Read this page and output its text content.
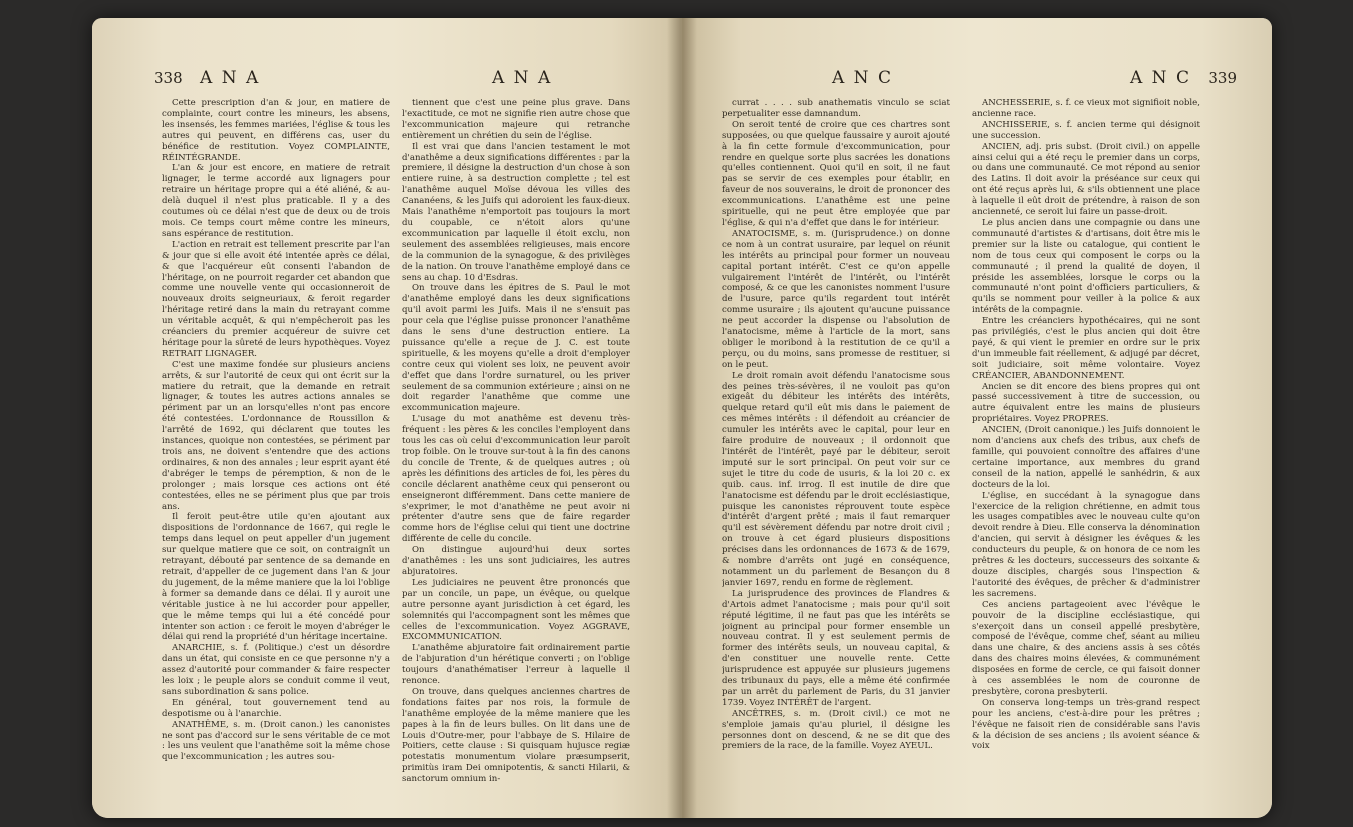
338 A N A	A N A

Cette prescription d'an & jour, en matiere de complainte, court contre les mineurs, les absens, les insensés, les femmes mariées, l'église & tous les autres qui peuvent, en différens cas, user du bénéfice de restitution. Voyez COMPLAINTE, RÉINTÉGRANDE.

L'an & jour est encore, en matiere de retrait lignager, le terme accordé aux lignagers pour retraire un héritage propre qui a été aliéné, & au-delà duquel il n'est plus praticable. Il y a des coutumes où ce délai n'est que de deux ou de trois mois. Ce temps court même contre les mineurs, sans espérance de restitution.

L'action en retrait est tellement prescrite par l'an & jour que si elle avoit été intentée après ce délai, & que l'acquéreur eût consenti l'abandon de l'héritage, on ne pourroit regarder cet abandon que comme une nouvelle vente qui occasionneroit de nouveaux droits seigneuriaux, & feroit regarder l'héritage retiré dans la main du retrayant comme un véritable acquêt, & qui n'empêcheroit pas les créanciers du premier acquéreur de suivre cet héritage pour la sûreté de leurs hypothèques. Voyez RETRAIT LIGNAGER.

C'est une maxime fondée sur plusieurs anciens arrêts, & sur l'autorité de ceux qui ont écrit sur la matiere du retrait, que la demande en retrait lignager, & toutes les autres actions annales se périment par un an lorsqu'elles n'ont pas encore été contestées. L'ordonnance de Roussillon & l'arrêté de 1692, qui déclarent que toutes les instances, quoique non contestées, se périment par trois ans, ne doivent s'entendre que des actions ordinaires, & non des annales ; leur esprit ayant été d'abréger le temps de péremption, & non de le prolonger ; mais lorsque ces actions ont été contestées, elles ne se périment plus que par trois ans.

Il feroit peut-être utile qu'en ajoutant aux dispositions de l'ordonnance de 1667, qui regle le temps dans lequel on peut appeller d'un jugement sur quelque matiere que ce soit, on contraignît un retrayant, débouté par sentence de sa demande en retrait, d'appeller de ce jugement dans l'an & jour du jugement, de la même maniere que la loi l'oblige à former sa demande dans ce délai. Il y auroit une véritable justice à ne lui accorder pour appeller, que le même temps qui lui a été concédé pour intenter son action : ce feroit le moyen d'abréger le délai qui rend la propriété d'un héritage incertaine.

ANARCHIE, s. f. (Politique.) c'est un désordre dans un état, qui consiste en ce que personne n'y a assez d'autorité pour commander & faire respecter les loix ; le peuple alors se conduit comme il veut, sans subordination & sans police.

En général, tout gouvernement tend au despotisme ou à l'anarchie.

ANATHÊME, s. m. (Droit canon.) les canonistes ne sont pas d'accord sur le sens véritable de ce mot : les uns veulent que l'anathême soit la même chose que l'excommunication ; les autres sou-

tiennent que c'est une peine plus grave. Dans l'exactitude, ce mot ne signifie rien autre chose que l'excommunication majeure qui retranche entièrement un chrétien du sein de l'église.

Il est vrai que dans l'ancien testament le mot d'anathême a deux significations différentes : par la premiere, il désigne la destruction d'un chose à son entiere ruine, à sa destruction complette ; tel est l'anathême auquel Moïse dévoua les villes des Cananéens, & les Juifs qui adoroient les faux-dieux. Mais l'anathême n'emportoit pas toujours la mort du coupable, ce n'étoit alors qu'une excommunication par laquelle il étoit exclu, non seulement des assemblées religieuses, mais encore de la communion de la synagogue, & des privilèges de la nation. On trouve l'anathême employé dans ce sens au chap. 10 d'Esdras.

On trouve dans les épitres de S. Paul le mot d'anathême employé dans les deux significations qu'il avoit parmi les Juifs. Mais il ne s'ensuit pas pour cela que l'église puisse prononcer l'anathême dans le sens d'une destruction entiere. La puissance qu'elle a reçue de J. C. est toute spirituelle, & les moyens qu'elle a droit d'employer contre ceux qui violent ses loix, ne peuvent avoir d'effet que dans l'ordre surnaturel, ou les priver seulement de sa communion extérieure ; ainsi on ne doit regarder l'anathême que comme une excommunication majeure.

L'usage du mot anathême est devenu très-fréquent : les pères & les conciles l'employent dans tous les cas où celui d'excommunication leur paroît trop foible. On le trouve sur-tout à la fin des canons du concile de Trente, & de quelques autres ; où après les définitions des articles de foi, les pères du concile déclarent anathême ceux qui penseront ou enseigneront différemment. Dans cette maniere de s'exprimer, le mot d'anathême ne peut avoir ni prétenter d'autre sens que de faire regarder comme hors de l'église celui qui tient une doctrine différente de celle du concile.

On distingue aujourd'hui deux sortes d'anathêmes : les uns sont judiciaires, les autres abjuratoires.

Les judiciaires ne peuvent être prononcés que par un concile, un pape, un évêque, ou quelque autre personne ayant jurisdiction à cet égard, les solemnités qui l'accompagnent sont les mêmes que celles de l'excommunication. Voyez AGGRAVE, EXCOMMUNICATION.

L'anathême abjuratoire fait ordinairement partie de l'abjuration d'un hérétique converti ; on l'oblige toujours d'anathématiser l'erreur à laquelle il renonce.

On trouve, dans quelques anciennes chartres de fondations faites par nos rois, la formule de l'anathême employée de la même maniere que les papes à la fin de leurs bulles. On lit dans une de Louis d'Outre-mer, pour l'abbaye de S. Hilaire de Poitiers, cette clause : Si quisquam hujusce regiæ potestatis monumentum violare præsumpserit, primitùs iram Dei omnipotentis, & sancti Hilarii, & sanctorum omnium in-

A N C	A N C 339

currat . . . . sub anathematis vinculo se sciat perpetualiter esse damnandum.

On seroit tenté de croire que ces chartres sont supposées, ou que quelque faussaire y auroit ajouté à la fin cette formule d'excommunication, pour rendre en quelque sorte plus sacrées les donations qu'elles contiennent. Quoi qu'il en soit, il ne faut pas se servir de ces exemples pour établir, en faveur de nos souverains, le droit de prononcer des excommunications. L'anathême est une peine spirituelle, qui ne peut être employée que par l'église, & qui n'a d'effet que dans le for intérieur.

ANATOCISME, s. m. (Jurisprudence.) on donne ce nom à un contrat usuraire, par lequel on réunit les intérêts au principal pour former un nouveau capital portant intérêt. C'est ce qu'on appelle vulgairement l'intérêt de l'intérêt, ou l'intérêt composé, & ce que les canonistes nomment l'usure de l'usure, parce qu'ils regardent tout intérêt comme usuraire ; ils ajoutent qu'aucune puissance ne peut accorder la dispense ou l'absolution de l'anatocisme, même à l'article de la mort, sans obliger le moribond à la restitution de ce qu'il a perçu, ou du moins, sans promesse de restituer, si on le peut.

Le droit romain avoit défendu l'anatocisme sous des peines très-sévères, il ne vouloit pas qu'on exigeât du débiteur les intérêts des intérêts, quelque retard qu'il eût mis dans le paiement de ces mêmes intérêts : il défendoit au créancier de cumuler les intérêts avec le capital, pour leur en faire produire de nouveaux ; il ordonnoit que l'intérêt de l'intérêt, payé par le débiteur, seroit imputé sur le sort principal. On peut voir sur ce sujet le titre du code de usuris, & la loi 20 c. ex quib. caus. inf. irrog. Il est inutile de dire que l'anatocisme est défendu par le droit ecclésiastique, puisque les canonistes réprouvent toute espèce d'intérêt d'argent prêté ; mais il faut remarquer qu'il est sévèrement défendu par notre droit civil ; on trouve à cet égard plusieurs dispositions précises dans les ordonnances de 1673 & de 1679, & nombre d'arrêts ont jugé en conséquence, notamment un du parlement de Besançon du 8 janvier 1697, rendu en forme de règlement.

La jurisprudence des provinces de Flandres & d'Artois admet l'anatocisme ; mais pour qu'il soit réputé légitime, il ne faut pas que les intérêts se joignent au principal pour former ensemble un nouveau contrat. Il y est seulement permis de former des intérêts seuls, un nouveau capital, & d'en constituer une nouvelle rente. Cette jurisprudence est appuyée sur plusieurs jugemens des tribunaux du pays, elle a même été confirmée par un arrêt du parlement de Paris, du 31 janvier 1739. Voyez INTÉRÊT de l'argent.

ANCÊTRES, s. m. (Droit civil.) ce mot ne s'emploie jamais qu'au pluriel, il désigne les personnes dont on descend, & ne se dit que des premiers de la race, de la famille. Voyez AYEUL.

ANCHESSERIE, s. f. ce vieux mot signifioit noble, ancienne race.

ANCHISSERIE, s. f. ancien terme qui désignoit une succession.

ANCIEN, adj. pris subst. (Droit civil.) on appelle ainsi celui qui a été reçu le premier dans un corps, ou dans une communauté. Ce mot répond au senior des Latins. Il doit avoir la préséance sur ceux qui ont été reçus après lui, & s'ils obtiennent une place à laquelle il eût droit de prétendre, à raison de son ancienneté, ce seroit lui faire un passe-droit.

Le plus ancien dans une compagnie ou dans une communauté d'artistes & d'artisans, doit être mis le premier sur la liste ou catalogue, qui contient le nom de tous ceux qui composent le corps ou la communauté ; il prend la qualité de doyen, il préside les assemblées, lorsque le corps ou la communauté n'ont point d'officiers particuliers, & qu'ils se nomment pour veiller à la police & aux intérêts de la compagnie.

Entre les créanciers hypothécaires, qui ne sont pas privilégiés, c'est le plus ancien qui doit être payé, & qui vient le premier en ordre sur le prix d'un immeuble fait réellement, & adjugé par décret, soit judiciaire, soit même volontaire. Voyez CRÉANCIER, ABANDONNEMENT.

Ancien se dit encore des biens propres qui ont passé successivement à titre de succession, ou autre équivalent entre les mains de plusieurs propriétaires. Voyez PROPRES.

ANCIEN, (Droit canonique.) les Juifs donnoient le nom d'anciens aux chefs des tribus, aux chefs de famille, qui pouvoient connoître des affaires d'une certaine importance, aux membres du grand conseil de la nation, appellé le sanhédrin, & aux docteurs de la loi.

L'église, en succédant à la synagogue dans l'exercice de la religion chrétienne, en admit tous les usages compatibles avec le nouveau culte qu'on devoit rendre à Dieu. Elle conserva la dénomination d'ancien, qui servit à désigner les évêques & les conducteurs du peuple, & on honora de ce nom les prêtres & les docteurs, successeurs des soixante & douze disciples, chargés sous l'inspection & l'autorité des évêques, de prêcher & d'administrer les sacremens.

Ces anciens partageoient avec l'évêque le pouvoir de la discipline ecclésiastique, qui s'exerçoit dans un conseil appellé presbytère, composé de l'évêque, comme chef, séant au milieu dans une chaire, & des anciens assis à ses côtés dans des chaires moins élevées, & communément disposées en forme de cercle, ce qui faisoit donner à ces assemblées le nom de couronne de presbytère, corona presbyterii.

On conserva long-temps un très-grand respect pour les anciens, c'est-à-dire pour les prêtres ; l'évêque ne faisoit rien de considérable sans l'avis & la décision de ses anciens ; ils avoient séance & voix
